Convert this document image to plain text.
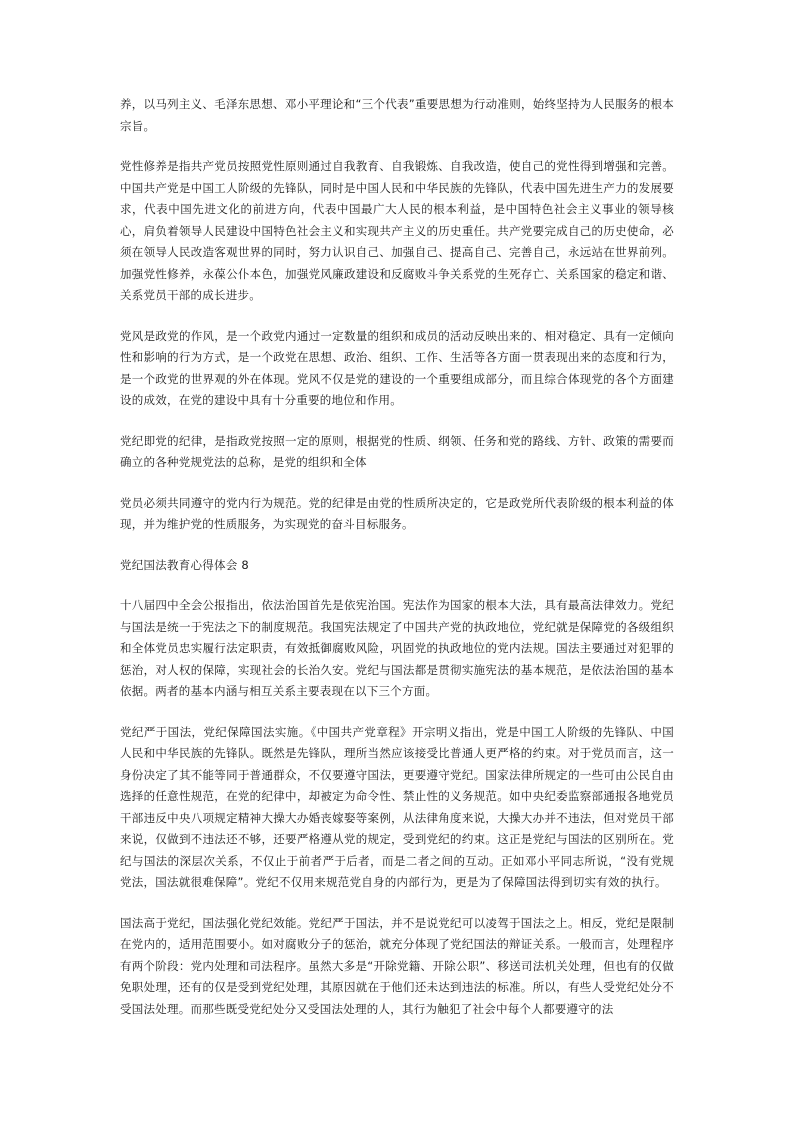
养，以马列主义、毛泽东思想、邓小平理论和“三个代表”重要思想为行动准则，始终坚持为人民服务的根本宗旨。

党性修养是指共产党员按照党性原则通过自我教育、自我锻炼、自我改造，使自己的党性得到增强和完善。中国共产党是中国工人阶级的先锋队，同时是中国人民和中华民族的先锋队，代表中国先进生产力的发展要求，代表中国先进文化的前进方向，代表中国最广大人民的根本利益，是中国特色社会主义事业的领导核心，肩负着领导人民建设中国特色社会主义和实现共产主义的历史重任。共产党要完成自己的历史使命，必须在领导人民改造客观世界的同时，努力认识自己、加强自己、提高自己、完善自己，永远站在世界前列。加强党性修养，永葆公仆本色，加强党风廉政建设和反腐败斗争关系党的生死存亡、关系国家的稳定和谐、关系党员干部的成长进步。

党风是政党的作风，是一个政党内通过一定数量的组织和成员的活动反映出来的、相对稳定、具有一定倾向性和影响的行为方式，是一个政党在思想、政治、组织、工作、生活等各方面一贯表现出来的态度和行为，是一个政党的世界观的外在体现。党风不仅是党的建设的一个重要组成部分，而且综合体现党的各个方面建设的成效，在党的建设中具有十分重要的地位和作用。

党纪即党的纪律，是指政党按照一定的原则，根据党的性质、纲领、任务和党的路线、方针、政策的需要而确立的各种党规党法的总称，是党的组织和全体

党员必须共同遵守的党内行为规范。党的纪律是由党的性质所决定的，它是政党所代表阶级的根本利益的体现，并为维护党的性质服务，为实现党的奋斗目标服务。

党纪国法教育心得体会 8

十八届四中全会公报指出，依法治国首先是依宪治国。宪法作为国家的根本大法，具有最高法律效力。党纪与国法是统一于宪法之下的制度规范。我国宪法规定了中国共产党的执政地位，党纪就是保障党的各级组织和全体党员忠实履行法定职责，有效抵御腐败风险，巩固党的执政地位的党内法规。国法主要通过对犯罪的惩治，对人权的保障，实现社会的长治久安。党纪与国法都是贯彻实施宪法的基本规范，是依法治国的基本依据。两者的基本内涵与相互关系主要表现在以下三个方面。

党纪严于国法，党纪保障国法实施。《中国共产党章程》开宗明义指出，党是中国工人阶级的先锋队、中国人民和中华民族的先锋队。既然是先锋队，理所当然应该接受比普通人更严格的约束。对于党员而言，这一身份决定了其不能等同于普通群众，不仅要遵守国法，更要遵守党纪。国家法律所规定的一些可由公民自由选择的任意性规范，在党的纪律中，却被定为命令性、禁止性的义务规范。如中央纪委监察部通报各地党员干部违反中央八项规定精神大操大办婚丧嫁娶等案例，从法律角度来说，大操大办并不违法，但对党员干部来说，仅做到不违法还不够，还要严格遵从党的规定，受到党纪的约束。这正是党纪与国法的区别所在。党纪与国法的深层次关系，不仅止于前者严于后者，而是二者之间的互动。正如邓小平同志所说，“没有党规党法，国法就很难保障”。党纪不仅用来规范党自身的内部行为，更是为了保障国法得到切实有效的执行。

国法高于党纪，国法强化党纪效能。党纪严于国法，并不是说党纪可以凌驾于国法之上。相反，党纪是限制在党内的，适用范围要小。如对腐败分子的惩治，就充分体现了党纪国法的辩证关系。一般而言，处理程序有两个阶段：党内处理和司法程序。虽然大多是“开除党籍、开除公职”、移送司法机关处理，但也有的仅做免职处理，还有的仅是受到党纪处理，其原因就在于他们还未达到违法的标准。所以，有些人受党纪处分不受国法处理。而那些既受党纪处分又受国法处理的人，其行为触犯了社会中每个人都要遵守的法
